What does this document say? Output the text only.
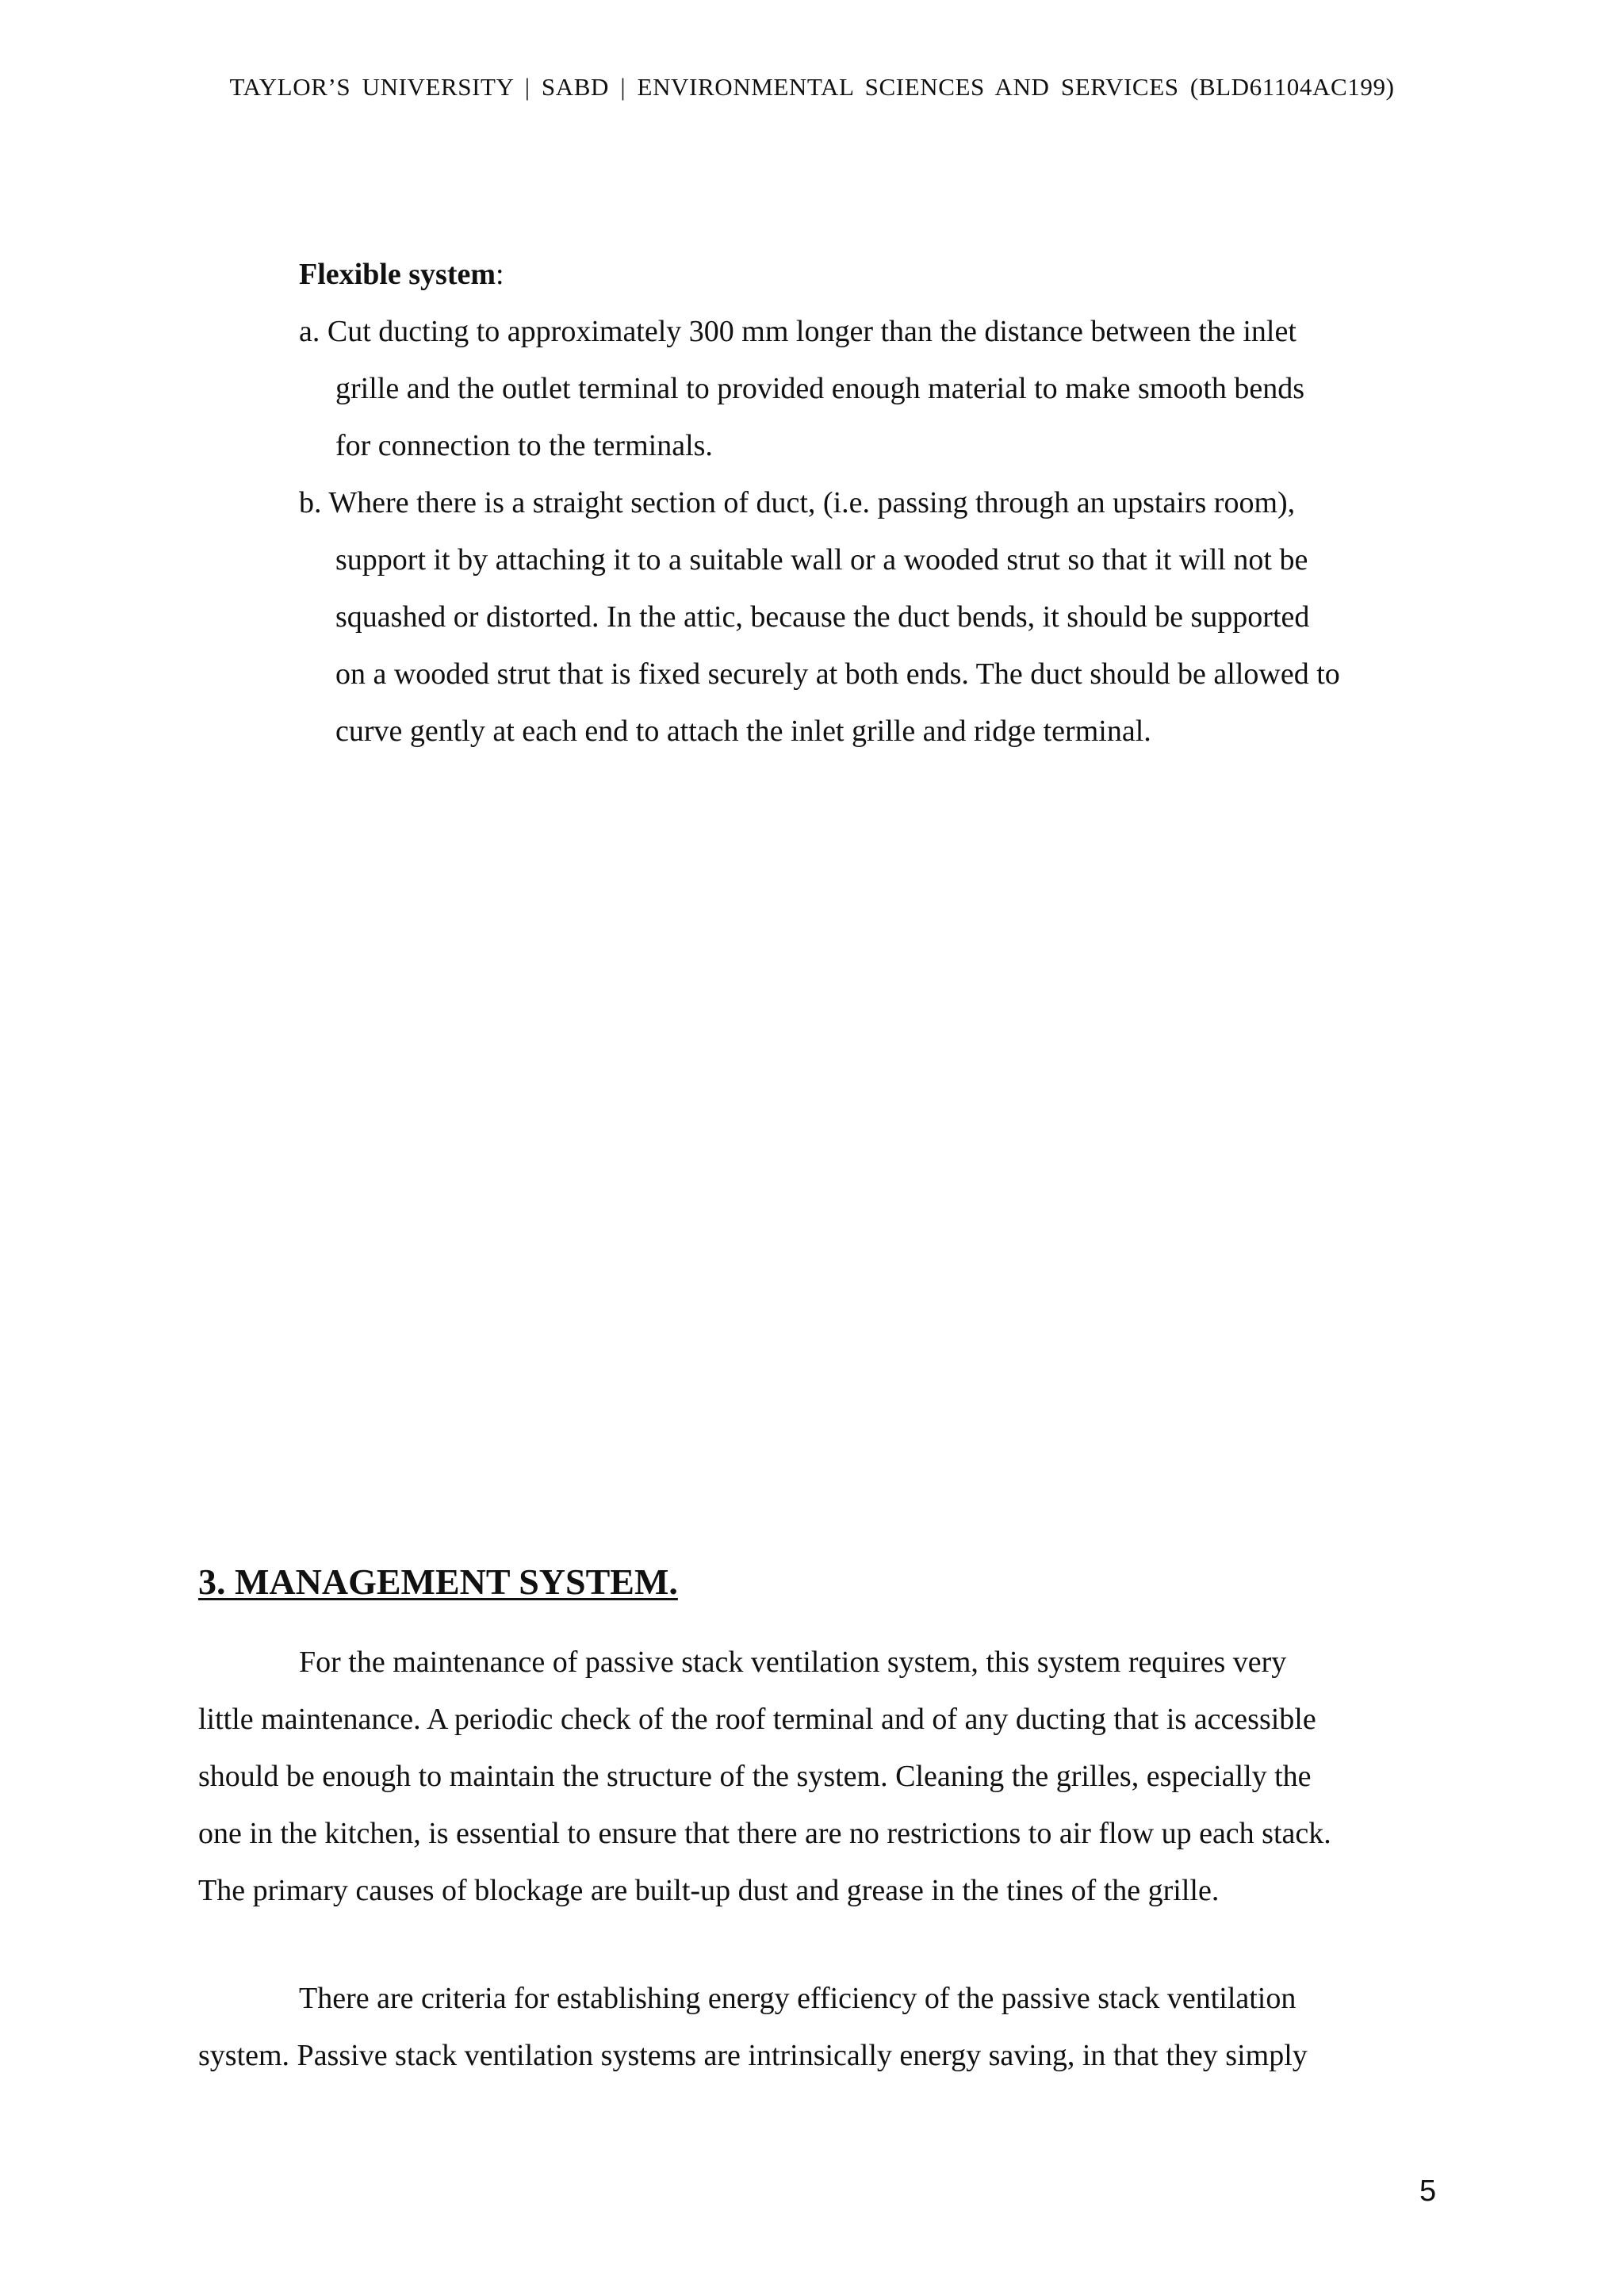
TAYLOR’S UNIVERSITY | SABD | ENVIRONMENTAL SCIENCES AND SERVICES (BLD61104AC199)
Flexible system:
a. Cut ducting to approximately 300 mm longer than the distance between the inlet
grille and the outlet terminal to provided enough material to make smooth bends
for connection to the terminals.
b. Where there is a straight section of duct, (i.e. passing through an upstairs room),
support it by attaching it to a suitable wall or a wooded strut so that it will not be
squashed or distorted. In the attic, because the duct bends, it should be supported
on a wooded strut that is fixed securely at both ends. The duct should be allowed to
curve gently at each end to attach the inlet grille and ridge terminal.
3. MANAGEMENT SYSTEM.
For the maintenance of passive stack ventilation system, this system requires very
little maintenance. A periodic check of the roof terminal and of any ducting that is accessible
should be enough to maintain the structure of the system. Cleaning the grilles, especially the
one in the kitchen, is essential to ensure that there are no restrictions to air flow up each stack.
The primary causes of blockage are built-up dust and grease in the tines of the grille.
There are criteria for establishing energy efficiency of the passive stack ventilation
system. Passive stack ventilation systems are intrinsically energy saving, in that they simply
5
